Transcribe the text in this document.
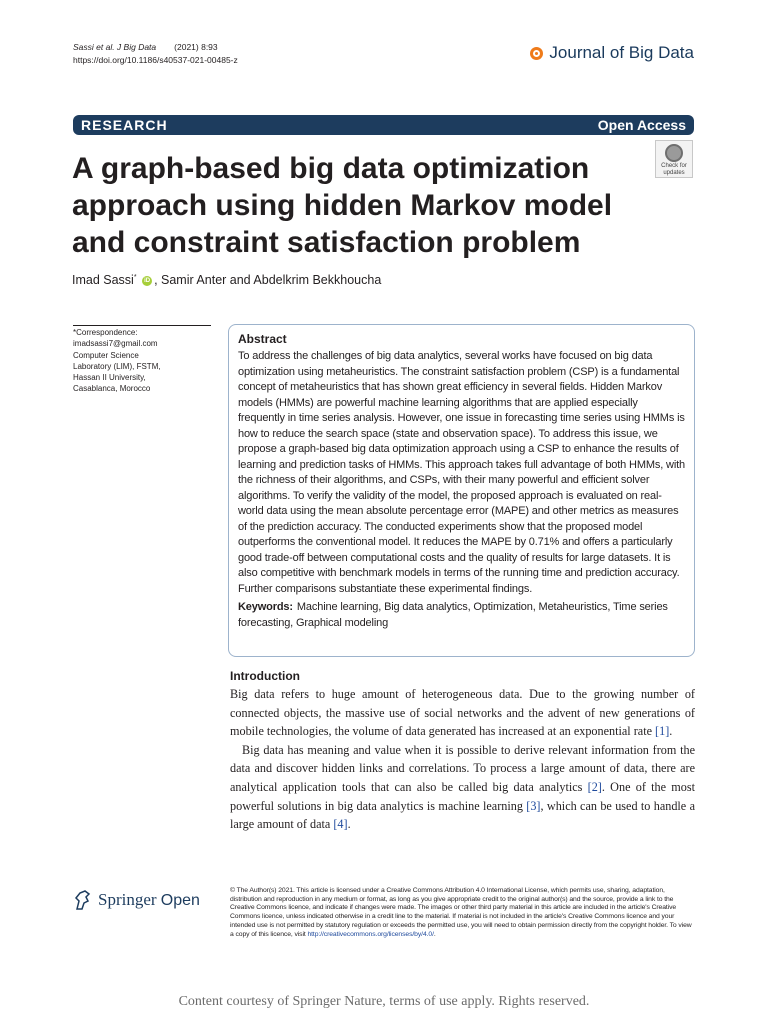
Sassi et al. J Big Data (2021) 8:93
https://doi.org/10.1186/s40537-021-00485-z	Journal of Big Data
RESEARCH	Open Access
A graph-based big data optimization approach using hidden Markov model and constraint satisfaction problem
Check for updates
Imad Sassi* iD , Samir Anter and Abdelkrim Bekkhoucha
*Correspondence:
imadsassi7@gmail.com
Computer Science
Laboratory (LIM), FSTM,
Hassan II University,
Casablanca, Morocco
Abstract
To address the challenges of big data analytics, several works have focused on big data optimization using metaheuristics. The constraint satisfaction problem (CSP) is a fundamental concept of metaheuristics that has shown great efficiency in several fields. Hidden Markov models (HMMs) are powerful machine learning algorithms that are applied especially frequently in time series analysis. However, one issue in forecasting time series using HMMs is how to reduce the search space (state and observation space). To address this issue, we propose a graph-based big data optimization approach using a CSP to enhance the results of learning and prediction tasks of HMMs. This approach takes full advantage of both HMMs, with the richness of their algorithms, and CSPs, with their many powerful and efficient solver algorithms. To verify the validity of the model, the proposed approach is evaluated on real-world data using the mean absolute percentage error (MAPE) and other metrics as measures of the prediction accuracy. The conducted experiments show that the proposed model outperforms the conventional model. It reduces the MAPE by 0.71% and offers a particularly good trade-off between computational costs and the quality of results for large datasets. It is also competitive with benchmark models in terms of the running time and prediction accuracy. Further comparisons substantiate these experimental findings.
Keywords: Machine learning, Big data analytics, Optimization, Metaheuristics, Time series forecasting, Graphical modeling
Introduction

Big data refers to huge amount of heterogeneous data. Due to the growing number of connected objects, the massive use of social networks and the advent of new generations of mobile technologies, the volume of data generated has increased at an exponential rate [1].

Big data has meaning and value when it is possible to derive relevant information from the data and discover hidden links and correlations. To process a large amount of data, there are analytical application tools that can also be called big data analytics [2]. One of the most powerful solutions in big data analytics is machine learning [3], which can be used to handle a large amount of data [4].

Springer Open
© The Author(s) 2021. This article is licensed under a Creative Commons Attribution 4.0 International License, which permits use, sharing, adaptation, distribution and reproduction in any medium or format, as long as you give appropriate credit to the original author(s) and the source, provide a link to the Creative Commons licence, and indicate if changes were made. The images or other third party material in this article are included in the article's Creative Commons licence, unless indicated otherwise in a credit line to the material. If material is not included in the article's Creative Commons licence and your intended use is not permitted by statutory regulation or exceeds the permitted use, you will need to obtain permission directly from the copyright holder. To view a copy of this licence, visit http://creativecommons.org/licenses/by/4.0/.
Content courtesy of Springer Nature, terms of use apply. Rights reserved.
